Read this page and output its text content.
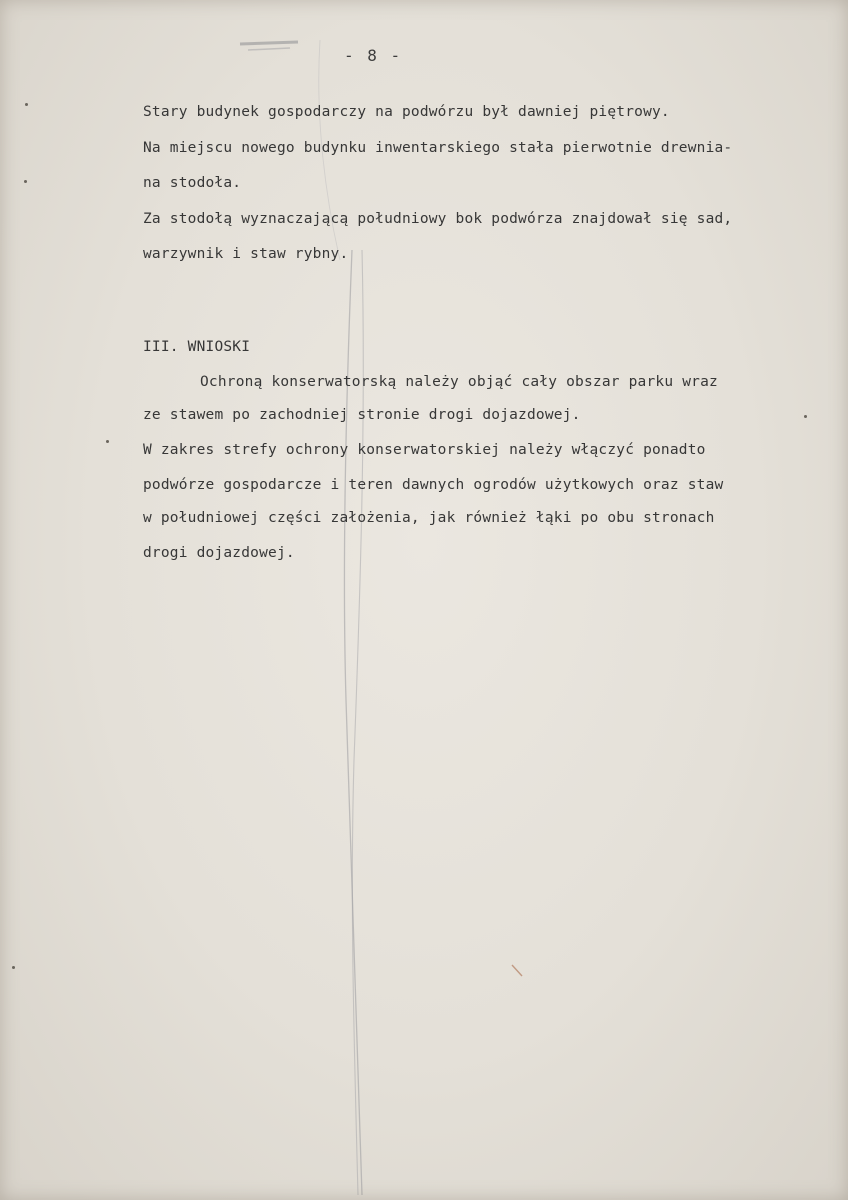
- 8 -
Stary budynek gospodarczy na podwórzu był dawniej piętrowy.
Na miejscu nowego budynku inwentarskiego stała pierwotnie drewnia-
na stodoła.
Za stodołą wyznaczającą południowy bok podwórza znajdował się sad,
warzywnik i staw rybny.
III. WNIOSKI
Ochroną konserwatorską należy objąć cały obszar parku wraz
ze stawem po zachodniej stronie drogi dojazdowej.
W zakres strefy ochrony konserwatorskiej należy włączyć ponadto
podwórze gospodarcze i teren dawnych ogrodów użytkowych oraz staw
w południowej części założenia, jak również łąki po obu stronach
drogi dojazdowej.
